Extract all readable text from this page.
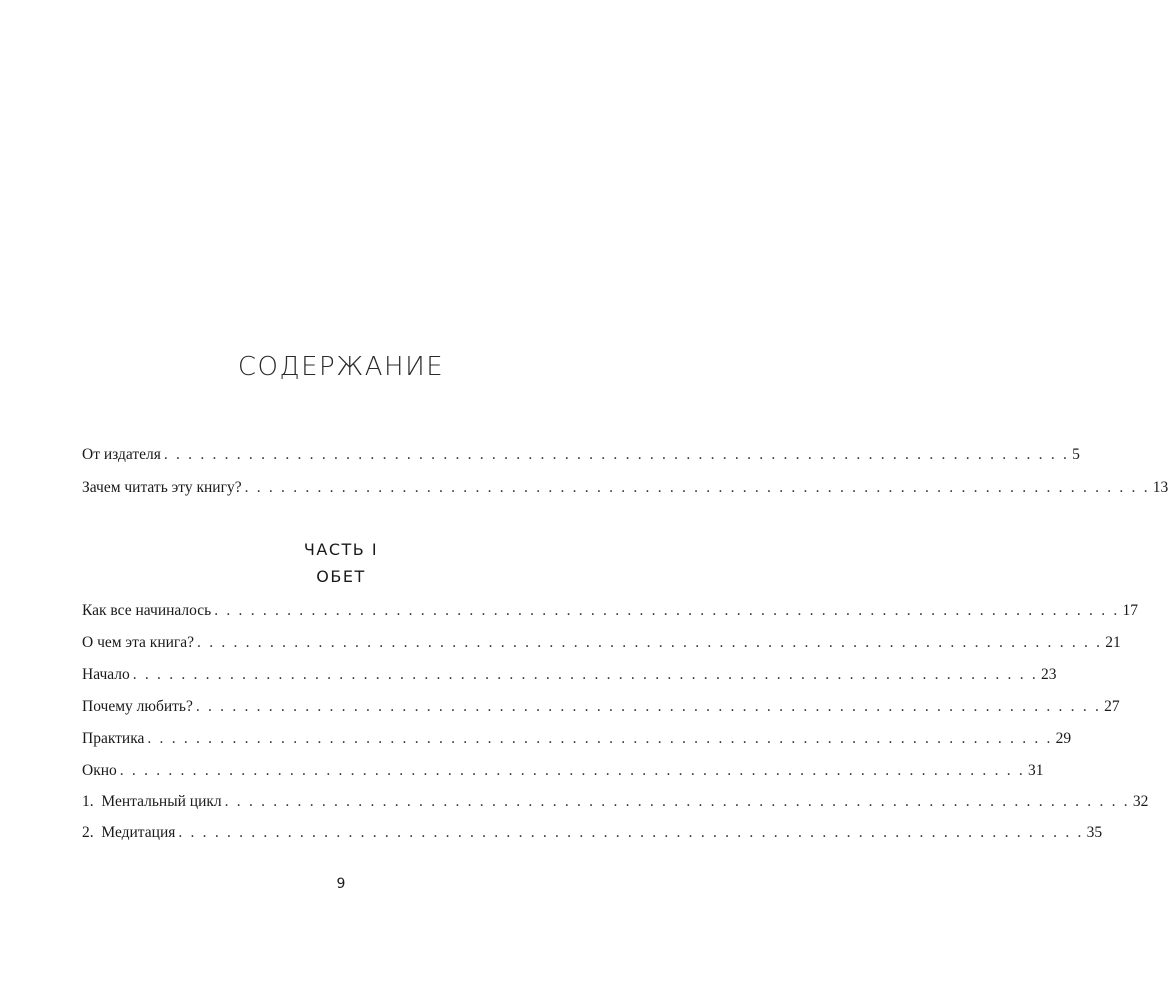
СОДЕРЖАНИЕ
От издателя . . . . . . . . . . . . . . . . . . . . . . . . . . . . . . . . . . . . . . . . . . . . . . . . . . . . . . . . . . . . . . . . . . . . . . . . . . . 5
Зачем читать эту книгу? . . . . . . . . . . . . . . . . . . . . . . . . . . . . . . . . . . . . . . . . . . . . . . . . . . . . . . . . . . . . . . . . . . . . . . . . . . . 13
ЧАСТЬ I
ОБЕТ
Как все начиналось . . . . . . . . . . . . . . . . . . . . . . . . . . . . . . . . . . . . . . . . . . . . . . . . . . . . . . . . . . . . . . . . . . . . . . . . . . . 17
О чем эта книга? . . . . . . . . . . . . . . . . . . . . . . . . . . . . . . . . . . . . . . . . . . . . . . . . . . . . . . . . . . . . . . . . . . . . . . . . . . . 21
Начало . . . . . . . . . . . . . . . . . . . . . . . . . . . . . . . . . . . . . . . . . . . . . . . . . . . . . . . . . . . . . . . . . . . . . . . . . . . 23
Почему любить? . . . . . . . . . . . . . . . . . . . . . . . . . . . . . . . . . . . . . . . . . . . . . . . . . . . . . . . . . . . . . . . . . . . . . . . . . . . 27
Практика . . . . . . . . . . . . . . . . . . . . . . . . . . . . . . . . . . . . . . . . . . . . . . . . . . . . . . . . . . . . . . . . . . . . . . . . . . . 29
Окно . . . . . . . . . . . . . . . . . . . . . . . . . . . . . . . . . . . . . . . . . . . . . . . . . . . . . . . . . . . . . . . . . . . . . . . . . . . 31
1.  Ментальный цикл . . . . . . . . . . . . . . . . . . . . . . . . . . . . . . . . . . . . . . . . . . . . . . . . . . . . . . . . . . . . . . . . . . . . . . . . . . . 32
2.  Медитация . . . . . . . . . . . . . . . . . . . . . . . . . . . . . . . . . . . . . . . . . . . . . . . . . . . . . . . . . . . . . . . . . . . . . . . . . . . 35
9
